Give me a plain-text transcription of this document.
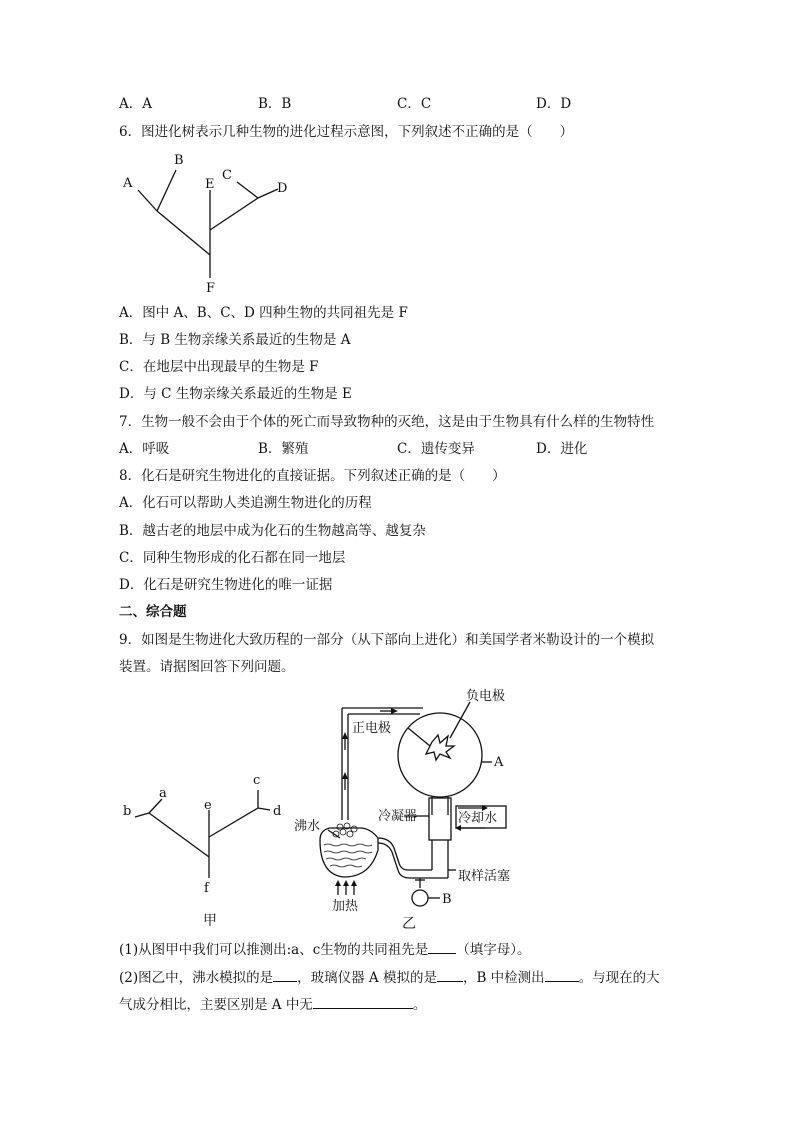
A．A	B．B	C．C	D．D
6．图进化树表示几种生物的进化过程示意图，下列叙述不正确的是（　　）
A
B
C
D
E
F
A．图中 A、B、C、D 四种生物的共同祖先是 F
B．与 B 生物亲缘关系最近的生物是 A
C．在地层中出现最早的生物是 F
D．与 C 生物亲缘关系最近的生物是 E
7．生物一般不会由于个体的死亡而导致物种的灭绝，这是由于生物具有什么样的生物特性
A．呼吸	B．繁殖	C．遗传变异	D．进化
8．化石是研究生物进化的直接证据。下列叙述正确的是（　　）
A．化石可以帮助人类追溯生物进化的历程
B．越古老的地层中成为化石的生物越高等、越复杂
C．同种生物形成的化石都在同一地层
D．化石是研究生物进化的唯一证据
二、综合题
9．如图是生物进化大致历程的一部分（从下部向上进化）和美国学者米勒设计的一个模拟
装置。请据图回答下列问题。
a
b
c
d
e
f
甲
负电极
正电极
A
冷凝器	冷却水
沸水
取样活塞
B
加热
乙
(1)从图甲中我们可以推测出:a、c生物的共同祖先是 （填字母）。
(2)图乙中，沸水模拟的是 ，玻璃仪器 A 模拟的是 ，B 中检测出	。与现在的大
气成分相比，主要区别是 A 中无	。
